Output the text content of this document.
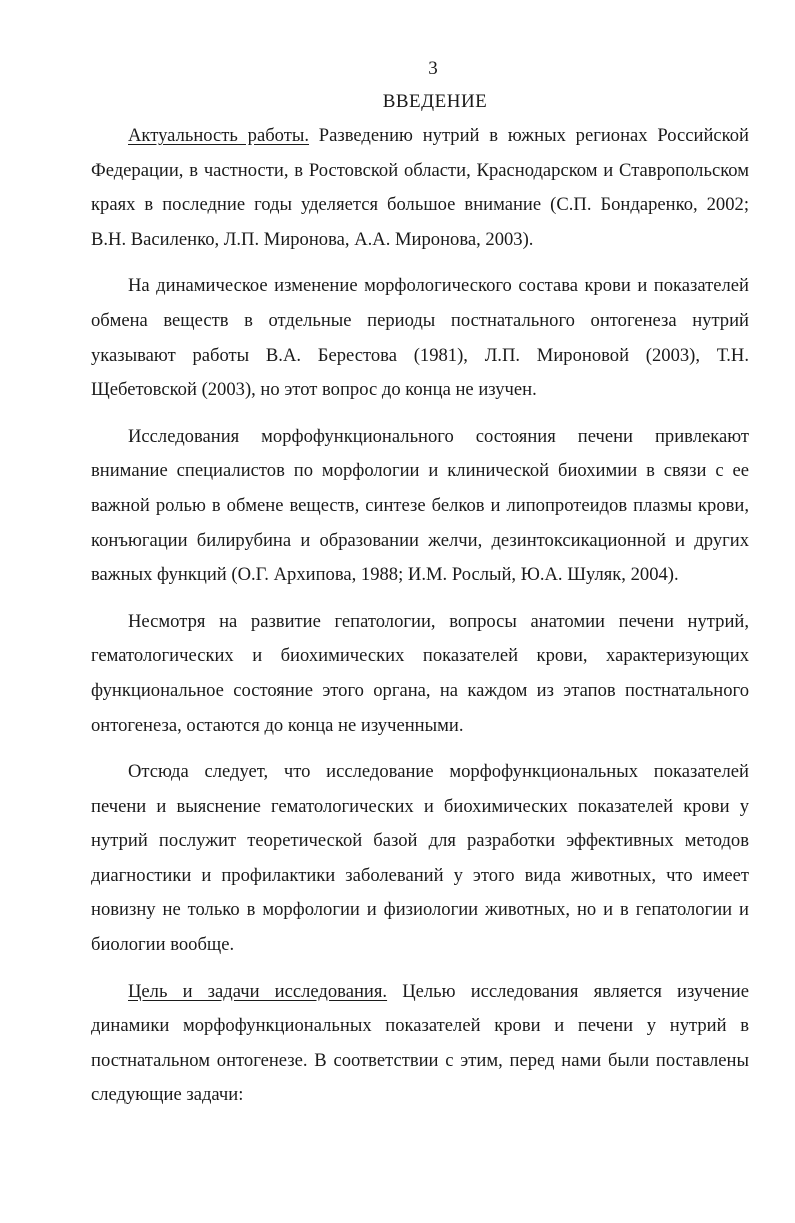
3
ВВЕДЕНИЕ

Актуальность работы. Разведению нутрий в южных регионах Российской Федерации, в частности, в Ростовской области, Краснодарском и Ставропольском краях в последние годы уделяется большое внимание (С.П. Бондаренко, 2002; В.Н. Василенко, Л.П. Миронова, А.А. Миронова, 2003).

На динамическое изменение морфологического состава крови и показателей обмена веществ в отдельные периоды постнатального онтогенеза нутрий указывают работы В.А. Берестова (1981), Л.П. Мироновой (2003), Т.Н. Щебетовской (2003), но этот вопрос до конца не изучен.

Исследования морфофункционального состояния печени привлекают внимание специалистов по морфологии и клинической биохимии в связи с ее важной ролью в обмене веществ, синтезе белков и липопротеидов плазмы крови, конъюгации билирубина и образовании желчи, дезинтоксикационной и других важных функций (О.Г. Архипова, 1988; И.М. Рослый, Ю.А. Шуляк, 2004).

Несмотря на развитие гепатологии, вопросы анатомии печени нутрий, гематологических и биохимических показателей крови, характеризующих функциональное состояние этого органа, на каждом из этапов постнатального онтогенеза, остаются до конца не изученными.

Отсюда следует, что исследование морфофункциональных показателей печени и выяснение гематологических и биохимических показателей крови у нутрий послужит теоретической базой для разработки эффективных методов диагностики и профилактики заболеваний у этого вида животных, что имеет новизну не только в морфологии и физиологии животных, но и в гепатологии и биологии вообще.

Цель и задачи исследования. Целью исследования является изучение динамики морфофункциональных показателей крови и печени у нутрий в постнатальном онтогенезе. В соответствии с этим, перед нами были поставлены следующие задачи:
